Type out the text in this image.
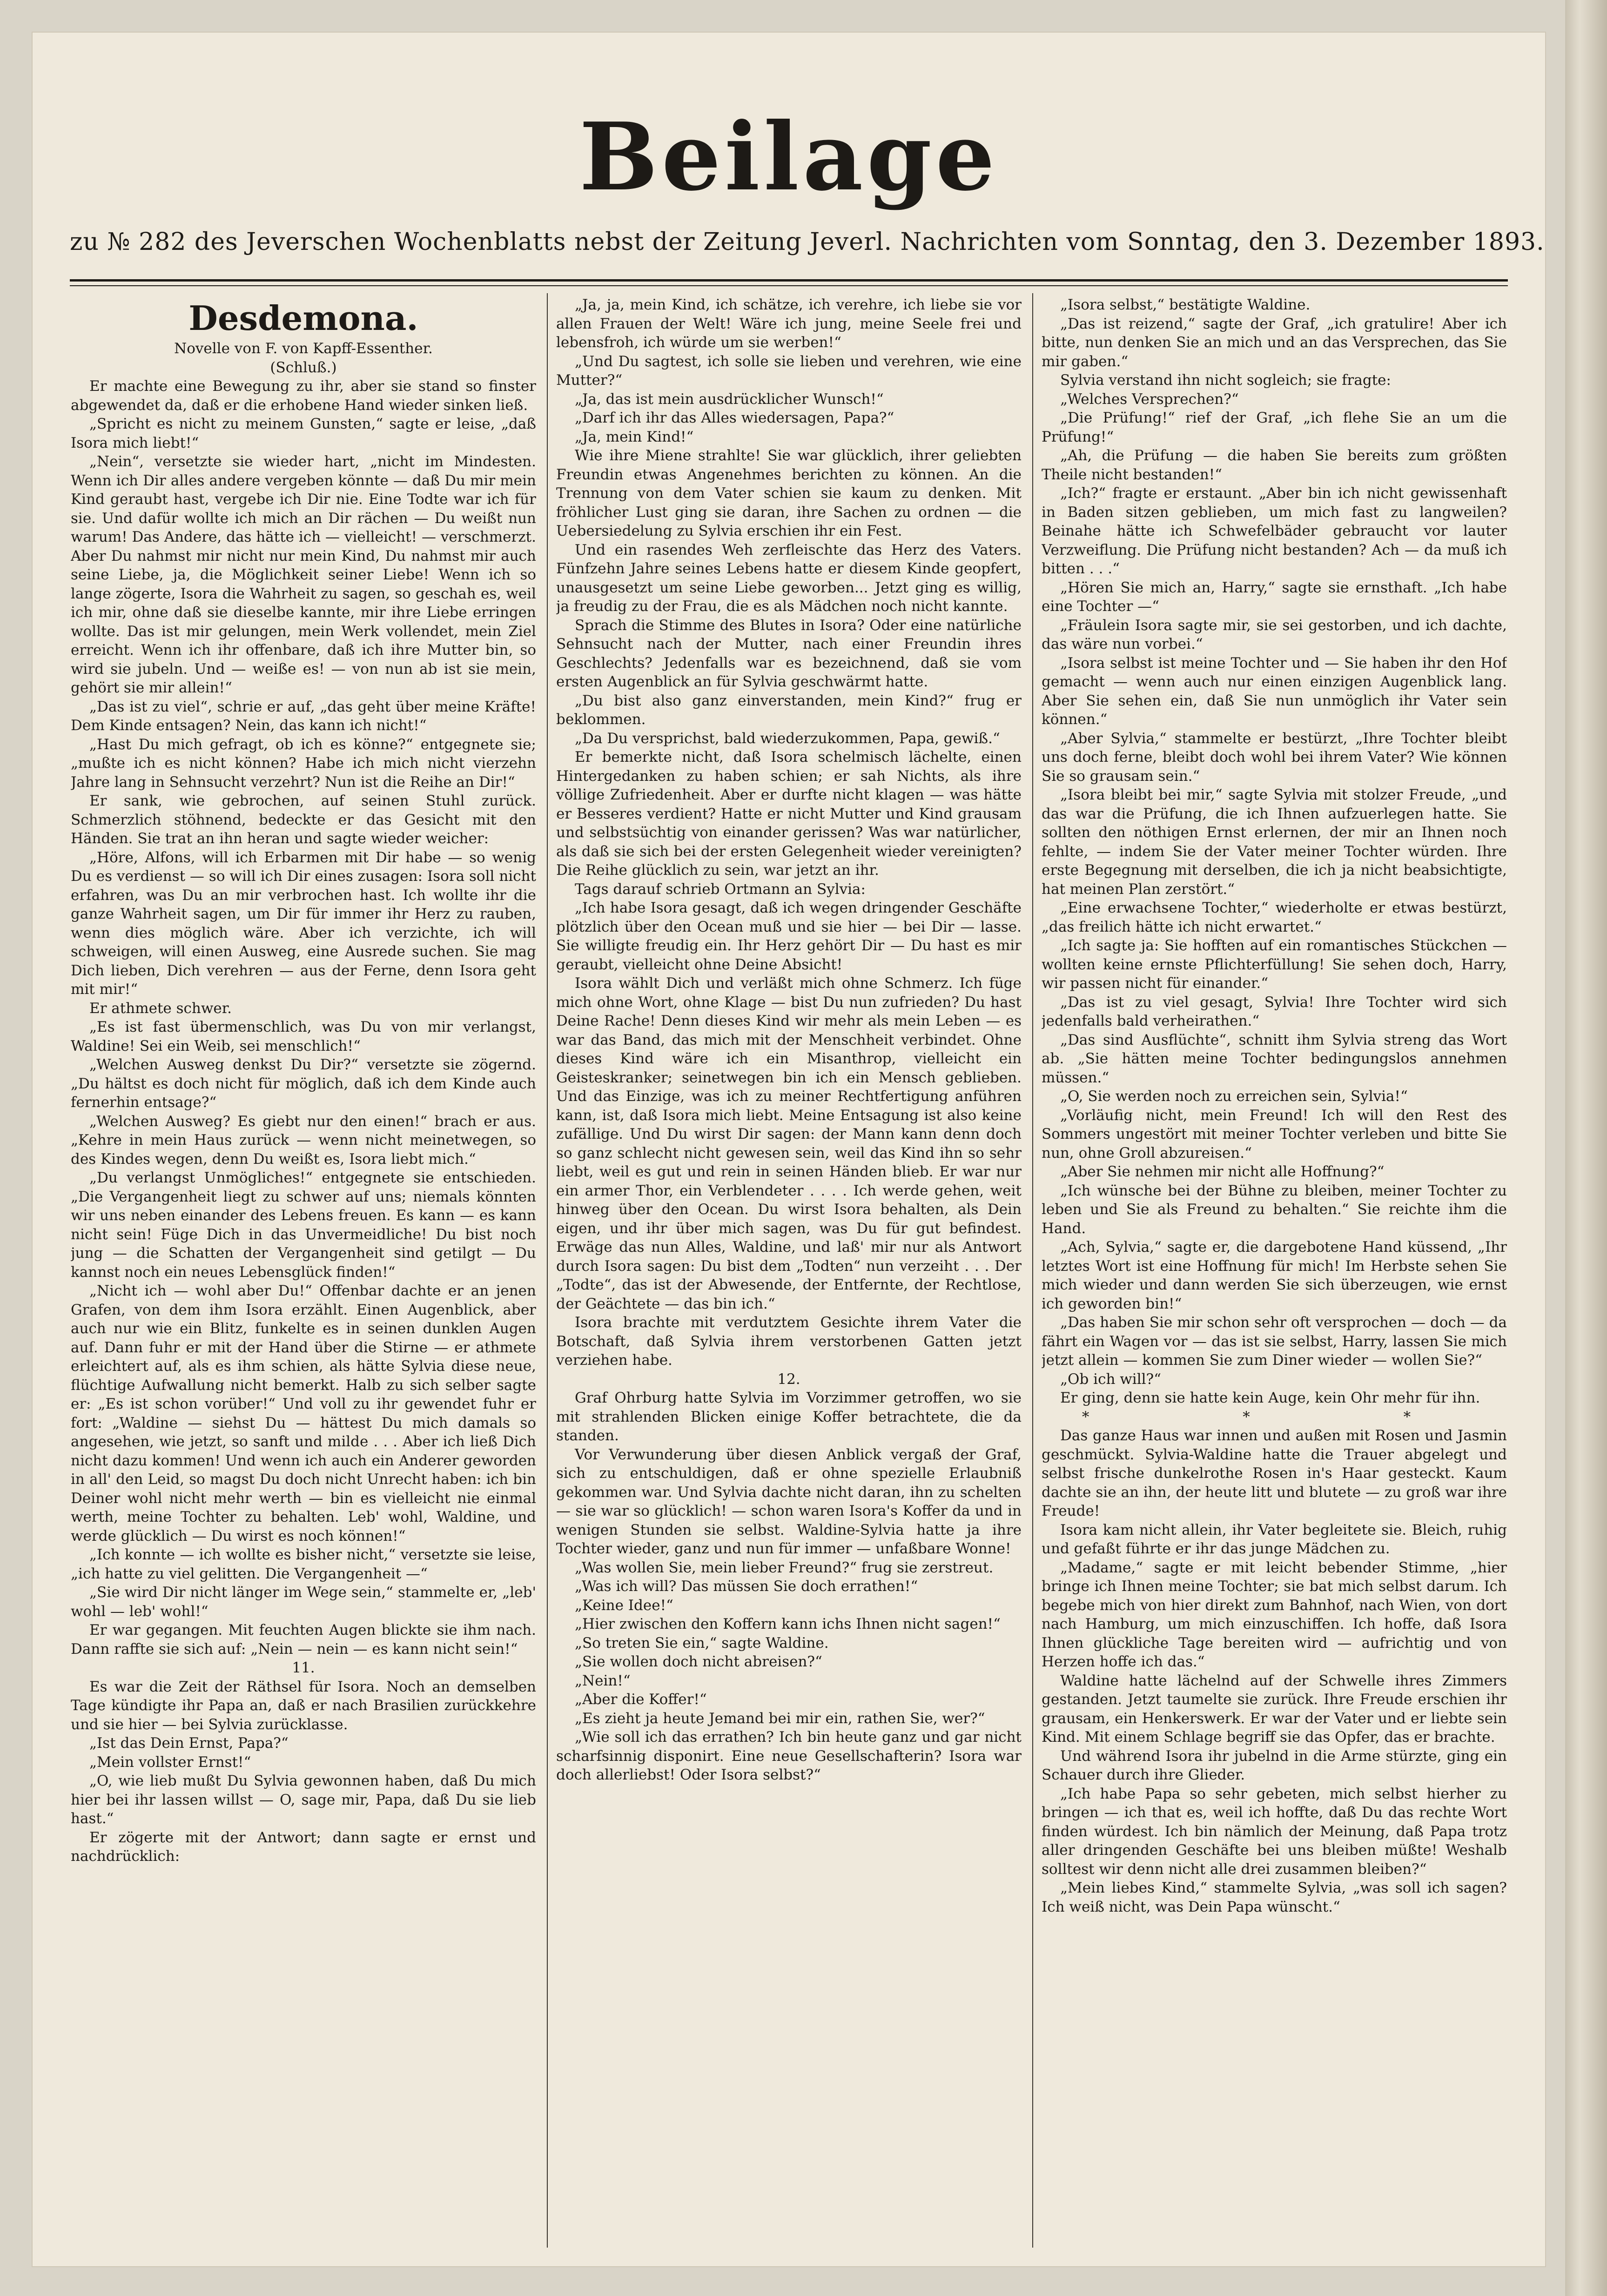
Beilage
zu № 282 des Jeverschen Wochenblatts nebst der Zeitung Jeverl. Nachrichten vom Sonntag, den 3. Dezember 1893.
Desdemona.

Novelle von F. von Kapff-Essenther.

(Schluß.)

Er machte eine Bewegung zu ihr, aber sie stand so finster abgewendet da, daß er die erhobene Hand wieder sinken ließ.

„Spricht es nicht zu meinem Gunsten,“ sagte er leise, „daß Isora mich liebt!“

„Nein“, versetzte sie wieder hart, „nicht im Mindesten. Wenn ich Dir alles andere vergeben könnte — daß Du mir mein Kind geraubt hast, vergebe ich Dir nie. Eine Todte war ich für sie. Und dafür wollte ich mich an Dir rächen — Du weißt nun warum! Das Andere, das hätte ich — vielleicht! — verschmerzt. Aber Du nahmst mir nicht nur mein Kind, Du nahmst mir auch seine Liebe, ja, die Möglichkeit seiner Liebe! Wenn ich so lange zögerte, Isora die Wahrheit zu sagen, so geschah es, weil ich mir, ohne daß sie dieselbe kannte, mir ihre Liebe erringen wollte. Das ist mir gelungen, mein Werk vollendet, mein Ziel erreicht. Wenn ich ihr offenbare, daß ich ihre Mutter bin, so wird sie jubeln. Und — weiße es! — von nun ab ist sie mein, gehört sie mir allein!“

„Das ist zu viel“, schrie er auf, „das geht über meine Kräfte! Dem Kinde entsagen? Nein, das kann ich nicht!“

„Hast Du mich gefragt, ob ich es könne?“ entgegnete sie; „mußte ich es nicht können? Habe ich mich nicht vierzehn Jahre lang in Sehnsucht verzehrt? Nun ist die Reihe an Dir!“

Er sank, wie gebrochen, auf seinen Stuhl zurück. Schmerzlich stöhnend, bedeckte er das Gesicht mit den Händen. Sie trat an ihn heran und sagte wieder weicher:

„Höre, Alfons, will ich Erbarmen mit Dir habe — so wenig Du es verdienst — so will ich Dir eines zusagen: Isora soll nicht erfahren, was Du an mir verbrochen hast. Ich wollte ihr die ganze Wahrheit sagen, um Dir für immer ihr Herz zu rauben, wenn dies möglich wäre. Aber ich verzichte, ich will schweigen, will einen Ausweg, eine Ausrede suchen. Sie mag Dich lieben, Dich verehren — aus der Ferne, denn Isora geht mit mir!“

Er athmete schwer.

„Es ist fast übermenschlich, was Du von mir verlangst, Waldine! Sei ein Weib, sei menschlich!“

„Welchen Ausweg denkst Du Dir?“ versetzte sie zögernd. „Du hältst es doch nicht für möglich, daß ich dem Kinde auch fernerhin entsage?“

„Welchen Ausweg? Es giebt nur den einen!“ brach er aus. „Kehre in mein Haus zurück — wenn nicht meinetwegen, so des Kindes wegen, denn Du weißt es, Isora liebt mich.“

„Du verlangst Unmögliches!“ entgegnete sie entschieden. „Die Vergangenheit liegt zu schwer auf uns; niemals könnten wir uns neben einander des Lebens freuen. Es kann — es kann nicht sein! Füge Dich in das Unvermeidliche! Du bist noch jung — die Schatten der Vergangenheit sind getilgt — Du kannst noch ein neues Lebensglück finden!“

„Nicht ich — wohl aber Du!“ Offenbar dachte er an jenen Grafen, von dem ihm Isora erzählt. Einen Augenblick, aber auch nur wie ein Blitz, funkelte es in seinen dunklen Augen auf. Dann fuhr er mit der Hand über die Stirne — er athmete erleichtert auf, als es ihm schien, als hätte Sylvia diese neue, flüchtige Aufwallung nicht bemerkt. Halb zu sich selber sagte er: „Es ist schon vorüber!“ Und voll zu ihr gewendet fuhr er fort: „Waldine — siehst Du — hättest Du mich damals so angesehen, wie jetzt, so sanft und milde . . . Aber ich ließ Dich nicht dazu kommen! Und wenn ich auch ein Anderer geworden in all' den Leid, so magst Du doch nicht Unrecht haben: ich bin Deiner wohl nicht mehr werth — bin es vielleicht nie einmal werth, meine Tochter zu behalten. Leb' wohl, Waldine, und werde glücklich — Du wirst es noch können!“

„Ich konnte — ich wollte es bisher nicht,“ versetzte sie leise, „ich hatte zu viel gelitten. Die Vergangenheit —“

„Sie wird Dir nicht länger im Wege sein,“ stammelte er, „leb' wohl — leb' wohl!“

Er war gegangen. Mit feuchten Augen blickte sie ihm nach. Dann raffte sie sich auf: „Nein — nein — es kann nicht sein!“

11.

Es war die Zeit der Räthsel für Isora. Noch an demselben Tage kündigte ihr Papa an, daß er nach Brasilien zurückkehre und sie hier — bei Sylvia zurücklasse.

„Ist das Dein Ernst, Papa?“

„Mein vollster Ernst!“

„O, wie lieb mußt Du Sylvia gewonnen haben, daß Du mich hier bei ihr lassen willst — O, sage mir, Papa, daß Du sie lieb hast.“

Er zögerte mit der Antwort; dann sagte er ernst und nachdrücklich:

„Ja, ja, mein Kind, ich schätze, ich verehre, ich liebe sie vor allen Frauen der Welt! Wäre ich jung, meine Seele frei und lebensfroh, ich würde um sie werben!“

„Und Du sagtest, ich solle sie lieben und verehren, wie eine Mutter?“

„Ja, das ist mein ausdrücklicher Wunsch!“

„Darf ich ihr das Alles wiedersagen, Papa?“

„Ja, mein Kind!“

Wie ihre Miene strahlte! Sie war glücklich, ihrer geliebten Freundin etwas Angenehmes berichten zu können. An die Trennung von dem Vater schien sie kaum zu denken. Mit fröhlicher Lust ging sie daran, ihre Sachen zu ordnen — die Uebersiedelung zu Sylvia erschien ihr ein Fest.

Und ein rasendes Weh zerfleischte das Herz des Vaters. Fünfzehn Jahre seines Lebens hatte er diesem Kinde geopfert, unausgesetzt um seine Liebe geworben... Jetzt ging es willig, ja freudig zu der Frau, die es als Mädchen noch nicht kannte.

Sprach die Stimme des Blutes in Isora? Oder eine natürliche Sehnsucht nach der Mutter, nach einer Freundin ihres Geschlechts? Jedenfalls war es bezeichnend, daß sie vom ersten Augenblick an für Sylvia geschwärmt hatte.

„Du bist also ganz einverstanden, mein Kind?“ frug er beklommen.

„Da Du versprichst, bald wiederzukommen, Papa, gewiß.“

Er bemerkte nicht, daß Isora schelmisch lächelte, einen Hintergedanken zu haben schien; er sah Nichts, als ihre völlige Zufriedenheit. Aber er durfte nicht klagen — was hätte er Besseres verdient? Hatte er nicht Mutter und Kind grausam und selbstsüchtig von einander gerissen? Was war natürlicher, als daß sie sich bei der ersten Gelegenheit wieder vereinigten? Die Reihe glücklich zu sein, war jetzt an ihr.

Tags darauf schrieb Ortmann an Sylvia:

„Ich habe Isora gesagt, daß ich wegen dringender Geschäfte plötzlich über den Ocean muß und sie hier — bei Dir — lasse. Sie willigte freudig ein. Ihr Herz gehört Dir — Du hast es mir geraubt, vielleicht ohne Deine Absicht!

Isora wählt Dich und verläßt mich ohne Schmerz. Ich füge mich ohne Wort, ohne Klage — bist Du nun zufrieden? Du hast Deine Rache! Denn dieses Kind wir mehr als mein Leben — es war das Band, das mich mit der Menschheit verbindet. Ohne dieses Kind wäre ich ein Misanthrop, vielleicht ein Geisteskranker; seinetwegen bin ich ein Mensch geblieben. Und das Einzige, was ich zu meiner Rechtfertigung anführen kann, ist, daß Isora mich liebt. Meine Entsagung ist also keine zufällige. Und Du wirst Dir sagen: der Mann kann denn doch so ganz schlecht nicht gewesen sein, weil das Kind ihn so sehr liebt, weil es gut und rein in seinen Händen blieb. Er war nur ein armer Thor, ein Verblendeter . . . . Ich werde gehen, weit hinweg über den Ocean. Du wirst Isora behalten, als Dein eigen, und ihr über mich sagen, was Du für gut befindest. Erwäge das nun Alles, Waldine, und laß' mir nur als Antwort durch Isora sagen: Du bist dem „Todten“ nun verzeiht . . . Der „Todte“, das ist der Abwesende, der Entfernte, der Rechtlose, der Geächtete — das bin ich.“

Isora brachte mit verdutztem Gesichte ihrem Vater die Botschaft, daß Sylvia ihrem verstorbenen Gatten jetzt verziehen habe.

12.

Graf Ohrburg hatte Sylvia im Vorzimmer getroffen, wo sie mit strahlenden Blicken einige Koffer betrachtete, die da standen.

Vor Verwunderung über diesen Anblick vergaß der Graf, sich zu entschuldigen, daß er ohne spezielle Erlaubniß gekommen war. Und Sylvia dachte nicht daran, ihn zu schelten — sie war so glücklich! — schon waren Isora's Koffer da und in wenigen Stunden sie selbst. Waldine-Sylvia hatte ja ihre Tochter wieder, ganz und nun für immer — unfaßbare Wonne!

„Was wollen Sie, mein lieber Freund?“ frug sie zerstreut.

„Was ich will? Das müssen Sie doch errathen!“

„Keine Idee!“

„Hier zwischen den Koffern kann ichs Ihnen nicht sagen!“

„So treten Sie ein,“ sagte Waldine.

„Sie wollen doch nicht abreisen?“

„Nein!“

„Aber die Koffer!“

„Es zieht ja heute Jemand bei mir ein, rathen Sie, wer?“

„Wie soll ich das errathen? Ich bin heute ganz und gar nicht scharfsinnig disponirt. Eine neue Gesellschafterin? Isora war doch allerliebst! Oder Isora selbst?“

„Isora selbst,“ bestätigte Waldine.

„Das ist reizend,“ sagte der Graf, „ich gratulire! Aber ich bitte, nun denken Sie an mich und an das Versprechen, das Sie mir gaben.“

Sylvia verstand ihn nicht sogleich; sie fragte:

„Welches Versprechen?“

„Die Prüfung!“ rief der Graf, „ich flehe Sie an um die Prüfung!“

„Ah, die Prüfung — die haben Sie bereits zum größten Theile nicht bestanden!“

„Ich?“ fragte er erstaunt. „Aber bin ich nicht gewissenhaft in Baden sitzen geblieben, um mich fast zu langweilen? Beinahe hätte ich Schwefelbäder gebraucht vor lauter Verzweiflung. Die Prüfung nicht bestanden? Ach — da muß ich bitten . . .“

„Hören Sie mich an, Harry,“ sagte sie ernsthaft. „Ich habe eine Tochter —“

„Fräulein Isora sagte mir, sie sei gestorben, und ich dachte, das wäre nun vorbei.“

„Isora selbst ist meine Tochter und — Sie haben ihr den Hof gemacht — wenn auch nur einen einzigen Augenblick lang. Aber Sie sehen ein, daß Sie nun unmöglich ihr Vater sein können.“

„Aber Sylvia,“ stammelte er bestürzt, „Ihre Tochter bleibt uns doch ferne, bleibt doch wohl bei ihrem Vater? Wie können Sie so grausam sein.“

„Isora bleibt bei mir,“ sagte Sylvia mit stolzer Freude, „und das war die Prüfung, die ich Ihnen aufzuerlegen hatte. Sie sollten den nöthigen Ernst erlernen, der mir an Ihnen noch fehlte, — indem Sie der Vater meiner Tochter würden. Ihre erste Begegnung mit derselben, die ich ja nicht beabsichtigte, hat meinen Plan zerstört.“

„Eine erwachsene Tochter,“ wiederholte er etwas bestürzt, „das freilich hätte ich nicht erwartet.“

„Ich sagte ja: Sie hofften auf ein romantisches Stückchen — wollten keine ernste Pflichterfüllung! Sie sehen doch, Harry, wir passen nicht für einander.“

„Das ist zu viel gesagt, Sylvia! Ihre Tochter wird sich jedenfalls bald verheirathen.“

„Das sind Ausflüchte“, schnitt ihm Sylvia streng das Wort ab. „Sie hätten meine Tochter bedingungslos annehmen müssen.“

„O, Sie werden noch zu erreichen sein, Sylvia!“

„Vorläufig nicht, mein Freund! Ich will den Rest des Sommers ungestört mit meiner Tochter verleben und bitte Sie nun, ohne Groll abzureisen.“

„Aber Sie nehmen mir nicht alle Hoffnung?“

„Ich wünsche bei der Bühne zu bleiben, meiner Tochter zu leben und Sie als Freund zu behalten.“ Sie reichte ihm die Hand.

„Ach, Sylvia,“ sagte er, die dargebotene Hand küssend, „Ihr letztes Wort ist eine Hoffnung für mich! Im Herbste sehen Sie mich wieder und dann werden Sie sich überzeugen, wie ernst ich geworden bin!“

„Das haben Sie mir schon sehr oft versprochen — doch — da fährt ein Wagen vor — das ist sie selbst, Harry, lassen Sie mich jetzt allein — kommen Sie zum Diner wieder — wollen Sie?“

„Ob ich will?“

Er ging, denn sie hatte kein Auge, kein Ohr mehr für ihn.

* * *

Das ganze Haus war innen und außen mit Rosen und Jasmin geschmückt. Sylvia-Waldine hatte die Trauer abgelegt und selbst frische dunkelrothe Rosen in's Haar gesteckt. Kaum dachte sie an ihn, der heute litt und blutete — zu groß war ihre Freude!

Isora kam nicht allein, ihr Vater begleitete sie. Bleich, ruhig und gefaßt führte er ihr das junge Mädchen zu.

„Madame,“ sagte er mit leicht bebender Stimme, „hier bringe ich Ihnen meine Tochter; sie bat mich selbst darum. Ich begebe mich von hier direkt zum Bahnhof, nach Wien, von dort nach Hamburg, um mich einzuschiffen. Ich hoffe, daß Isora Ihnen glückliche Tage bereiten wird — aufrichtig und von Herzen hoffe ich das.“

Waldine hatte lächelnd auf der Schwelle ihres Zimmers gestanden. Jetzt taumelte sie zurück. Ihre Freude erschien ihr grausam, ein Henkerswerk. Er war der Vater und er liebte sein Kind. Mit einem Schlage begriff sie das Opfer, das er brachte.

Und während Isora ihr jubelnd in die Arme stürzte, ging ein Schauer durch ihre Glieder.

„Ich habe Papa so sehr gebeten, mich selbst hierher zu bringen — ich that es, weil ich hoffte, daß Du das rechte Wort finden würdest. Ich bin nämlich der Meinung, daß Papa trotz aller dringenden Geschäfte bei uns bleiben müßte! Weshalb solltest wir denn nicht alle drei zusammen bleiben?“

„Mein liebes Kind,“ stammelte Sylvia, „was soll ich sagen? Ich weiß nicht, was Dein Papa wünscht.“
